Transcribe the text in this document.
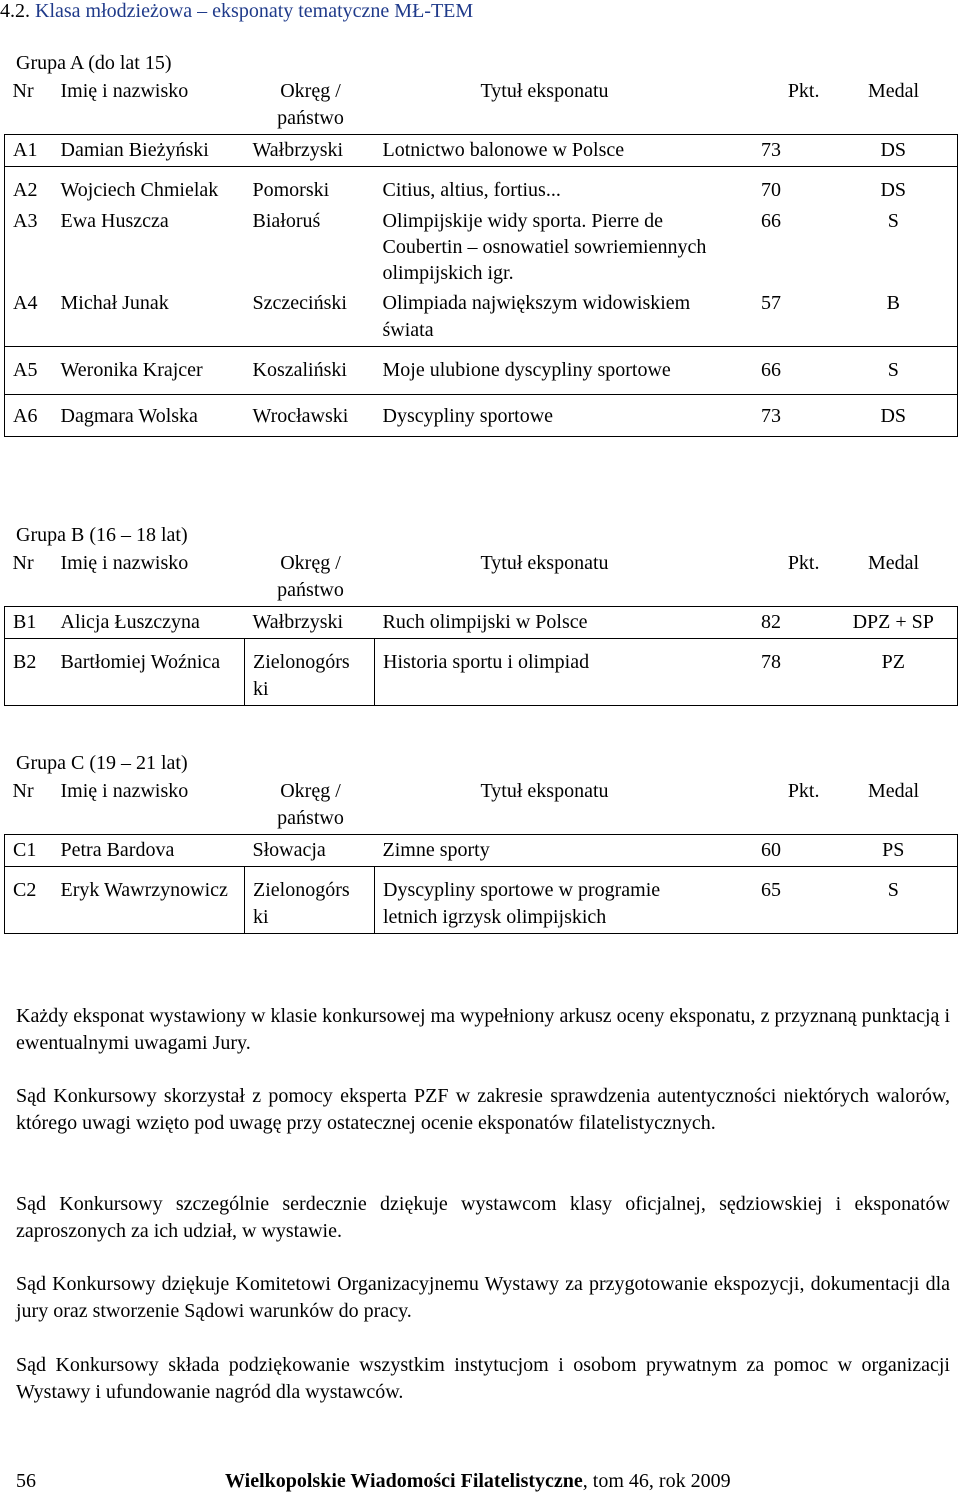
4.2. Klasa młodzieżowa – eksponaty tematyczne MŁ-TEM
Grupa A (do lat 15)
Nr	Imię i nazwisko	Okręg / państwo	Tytuł eksponatu	Pkt.	Medal
A1	Damian Bieżyński	Wałbrzyski	Lotnictwo balonowe w Polsce	73	DS
A2	Wojciech Chmielak	Pomorski	Citius, altius, fortius...	70	DS
A3	Ewa Huszcza	Białoruś	Olimpijskije widy sporta. Pierre de Coubertin – osnowatiel sowriemiennych olimpijskich igr.	66	S
A4	Michał Junak	Szczeciński	Olimpiada największym widowiskiem świata	57	B
A5	Weronika Krajcer	Koszaliński	Moje ulubione dyscypliny sportowe	66	S
A6	Dagmara Wolska	Wrocławski	Dyscypliny sportowe	73	DS
Grupa B (16 – 18 lat)
Nr	Imię i nazwisko	Okręg / państwo	Tytuł eksponatu	Pkt.	Medal
B1	Alicja Łuszczyna	Wałbrzyski	Ruch olimpijski w Polsce	82	DPZ + SP
B2	Bartłomiej Woźnica	Zielonogórs ki	Historia sportu i olimpiad	78	PZ
Grupa C (19 – 21 lat)
Nr	Imię i nazwisko	Okręg / państwo	Tytuł eksponatu	Pkt.	Medal
C1	Petra Bardova	Słowacja	Zimne sporty	60	PS
C2	Eryk Wawrzynowicz	Zielonogórs ki	Dyscypliny sportowe w programie letnich igrzysk olimpijskich	65	S
Każdy eksponat wystawiony w klasie konkursowej ma wypełniony arkusz oceny eksponatu, z przyznaną punktacją i ewentualnymi uwagami Jury.
Sąd Konkursowy skorzystał z pomocy eksperta PZF w zakresie sprawdzenia autentyczności niektórych walorów, którego uwagi wzięto pod uwagę przy ostatecznej ocenie eksponatów filatelistycznych.
Sąd Konkursowy szczególnie serdecznie dziękuje wystawcom klasy oficjalnej, sędziowskiej i eksponatów zaproszonych za ich udział, w wystawie.
Sąd Konkursowy dziękuje Komitetowi Organizacyjnemu Wystawy za przygotowanie ekspozycji, dokumentacji dla jury oraz stworzenie Sądowi warunków do pracy.
Sąd Konkursowy składa podziękowanie wszystkim instytucjom i osobom prywatnym za pomoc w organizacji Wystawy i ufundowanie nagród dla wystawców.
56	Wielkopolskie Wiadomości Filatelistyczne, tom 46, rok 2009
